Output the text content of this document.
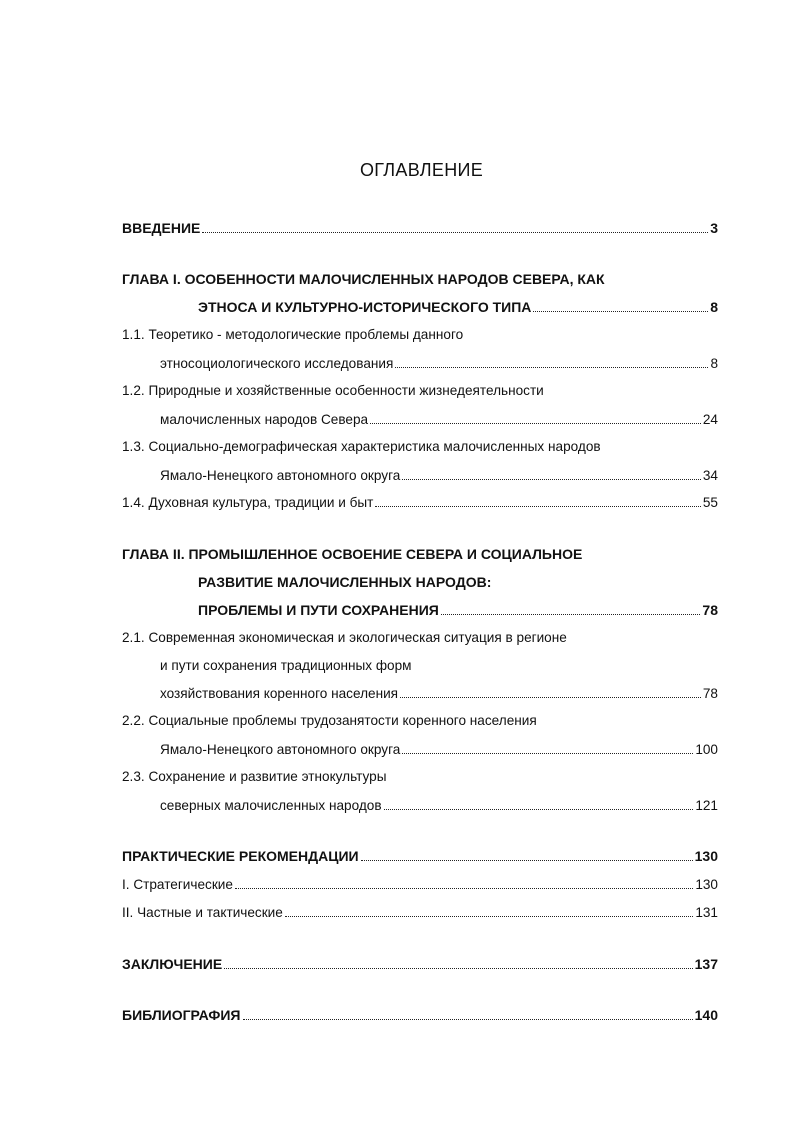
ОГЛАВЛЕНИЕ
ВВЕДЕНИЕ	3
ГЛАВА I. ОСОБЕННОСТИ МАЛОЧИСЛЕННЫХ НАРОДОВ СЕВЕРА, КАК
ЭТНОСА И КУЛЬТУРНО-ИСТОРИЧЕСКОГО ТИПА	8
1.1. Теоретико - методологические проблемы данного
этносоциологического исследования	8
1.2. Природные и хозяйственные особенности жизнедеятельности
малочисленных народов Севера	24
1.3. Социально-демографическая характеристика малочисленных народов
Ямало-Ненецкого автономного округа	34
1.4. Духовная культура, традиции и быт	55
ГЛАВА II. ПРОМЫШЛЕННОЕ ОСВОЕНИЕ СЕВЕРА И СОЦИАЛЬНОЕ
РАЗВИТИЕ МАЛОЧИСЛЕННЫХ НАРОДОВ:
ПРОБЛЕМЫ И ПУТИ СОХРАНЕНИЯ	78
2.1. Современная экономическая и экологическая ситуация в регионе
и пути сохранения традиционных форм
хозяйствования коренного населения	78
2.2. Социальные проблемы трудозанятости коренного населения
Ямало-Ненецкого автономного округа	100
2.3. Сохранение и развитие этнокультуры
северных малочисленных народов	121
ПРАКТИЧЕСКИЕ РЕКОМЕНДАЦИИ	130
I. Стратегические	130
II. Частные и тактические	131
ЗАКЛЮЧЕНИЕ	137
БИБЛИОГРАФИЯ	140
